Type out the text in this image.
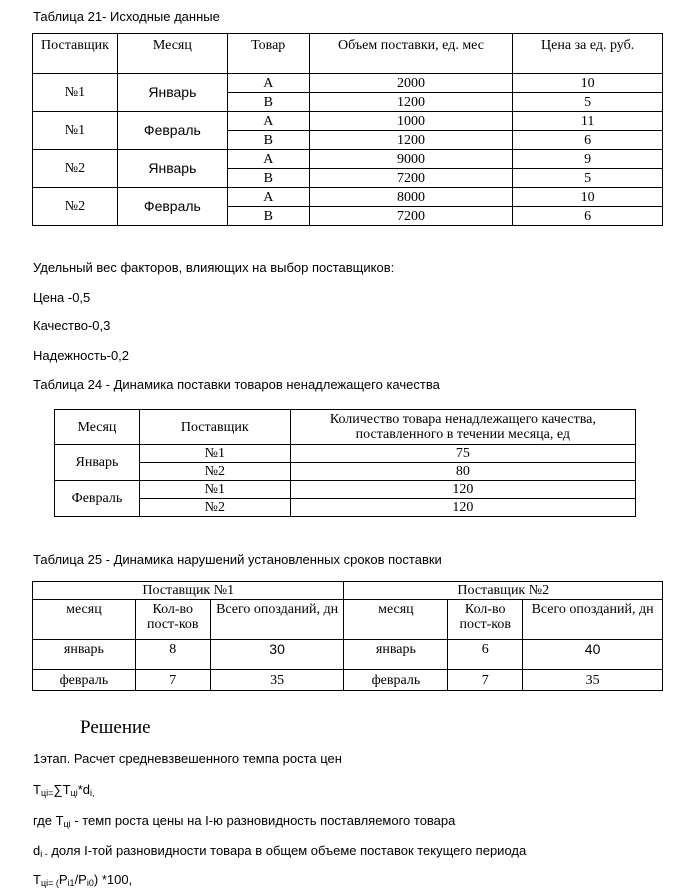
Таблица 21- Исходные данные
Поставщик	Месяц	Товар	Объем поставки, ед. мес	Цена за ед. руб.
№1	Январь	А	2000	10
		В	1200	5
№1	Февраль	А	1000	11
		В	1200	6
№2	Январь	А	9000	9
		В	7200	5
№2	Февраль	А	8000	10
		В	7200	6
Удельный вес факторов, влияющих на выбор поставщиков:
Цена -0,5
Качество-0,3
Надежность-0,2
Таблица 24 - Динамика поставки товаров ненадлежащего качества
Месяц	Поставщик	Количество товара ненадлежащего качества, поставленного в течении месяца, ед
Январь	№1	75
	№2	80
Февраль	№1	120
	№2	120
Таблица 25 - Динамика нарушений установленных сроков поставки
Поставщик №1			Поставщик №2		
месяц	Кол-во пост-ков	Всего опозданий, дн	месяц	Кол-во пост-ков	Всего опозданий, дн
январь	8	30	январь	6	40
февраль	7	35	февраль	7	35
Решение
1этап. Расчет средневзвешенного темпа роста цен
$Т_{цi=}\sum Т_{цi}*d_{i,}$
где $Т_{цi}$ - темп роста цены на I-ю разновидность поставляемого товара
$d_{i -}$ доля I-той разновидности товара в общем объеме поставок текущего периода
$Т_{цi= (}Р_{i1}/Р_{i0}$) *100,
